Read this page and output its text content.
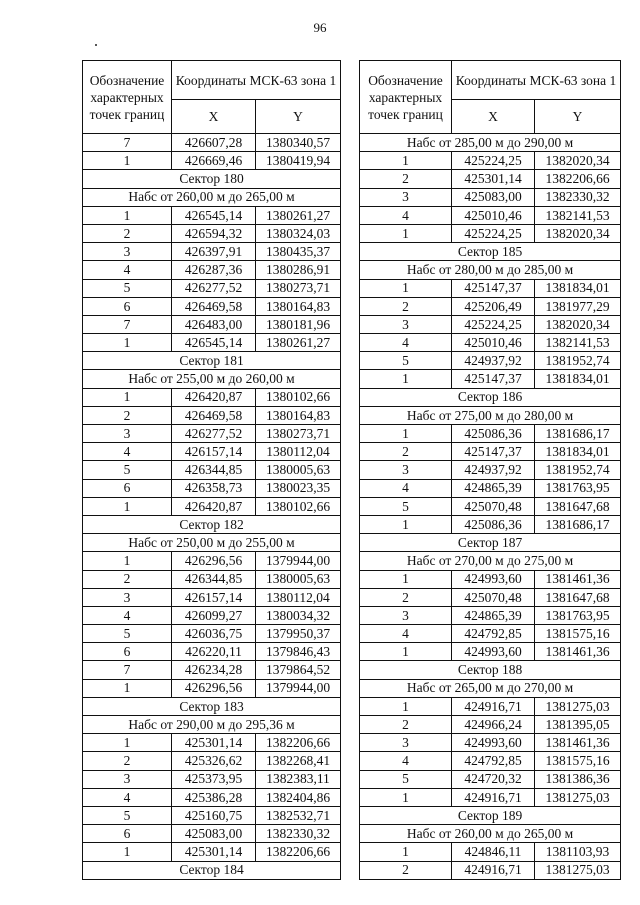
96
Обозначение характерных точек границ	Координаты МСК-63 зона 1	
	X	Y
7	426607,28	1380340,57
1	426669,46	1380419,94
Сектор 180		
Набс от 260,00 м до 265,00 м		
1	426545,14	1380261,27
2	426594,32	1380324,03
3	426397,91	1380435,37
4	426287,36	1380286,91
5	426277,52	1380273,71
6	426469,58	1380164,83
7	426483,00	1380181,96
1	426545,14	1380261,27
Сектор 181		
Набс от 255,00 м до 260,00 м		
1	426420,87	1380102,66
2	426469,58	1380164,83
3	426277,52	1380273,71
4	426157,14	1380112,04
5	426344,85	1380005,63
6	426358,73	1380023,35
1	426420,87	1380102,66
Сектор 182		
Набс от 250,00 м до 255,00 м		
1	426296,56	1379944,00
2	426344,85	1380005,63
3	426157,14	1380112,04
4	426099,27	1380034,32
5	426036,75	1379950,37
6	426220,11	1379846,43
7	426234,28	1379864,52
1	426296,56	1379944,00
Сектор 183		
Набс от 290,00 м до 295,36 м		
1	425301,14	1382206,66
2	425326,62	1382268,41
3	425373,95	1382383,11
4	425386,28	1382404,86
5	425160,75	1382532,71
6	425083,00	1382330,32
1	425301,14	1382206,66
Сектор 184		
Обозначение характерных точек границ	Координаты МСК-63 зона 1	
	X	Y
Набс от 285,00 м до 290,00 м		
1	425224,25	1382020,34
2	425301,14	1382206,66
3	425083,00	1382330,32
4	425010,46	1382141,53
1	425224,25	1382020,34
Сектор 185		
Набс от 280,00 м до 285,00 м		
1	425147,37	1381834,01
2	425206,49	1381977,29
3	425224,25	1382020,34
4	425010,46	1382141,53
5	424937,92	1381952,74
1	425147,37	1381834,01
Сектор 186		
Набс от 275,00 м до 280,00 м		
1	425086,36	1381686,17
2	425147,37	1381834,01
3	424937,92	1381952,74
4	424865,39	1381763,95
5	425070,48	1381647,68
1	425086,36	1381686,17
Сектор 187		
Набс от 270,00 м до 275,00 м		
1	424993,60	1381461,36
2	425070,48	1381647,68
3	424865,39	1381763,95
4	424792,85	1381575,16
1	424993,60	1381461,36
Сектор 188		
Набс от 265,00 м до 270,00 м		
1	424916,71	1381275,03
2	424966,24	1381395,05
3	424993,60	1381461,36
4	424792,85	1381575,16
5	424720,32	1381386,36
1	424916,71	1381275,03
Сектор 189		
Набс от 260,00 м до 265,00 м		
1	424846,11	1381103,93
2	424916,71	1381275,03
